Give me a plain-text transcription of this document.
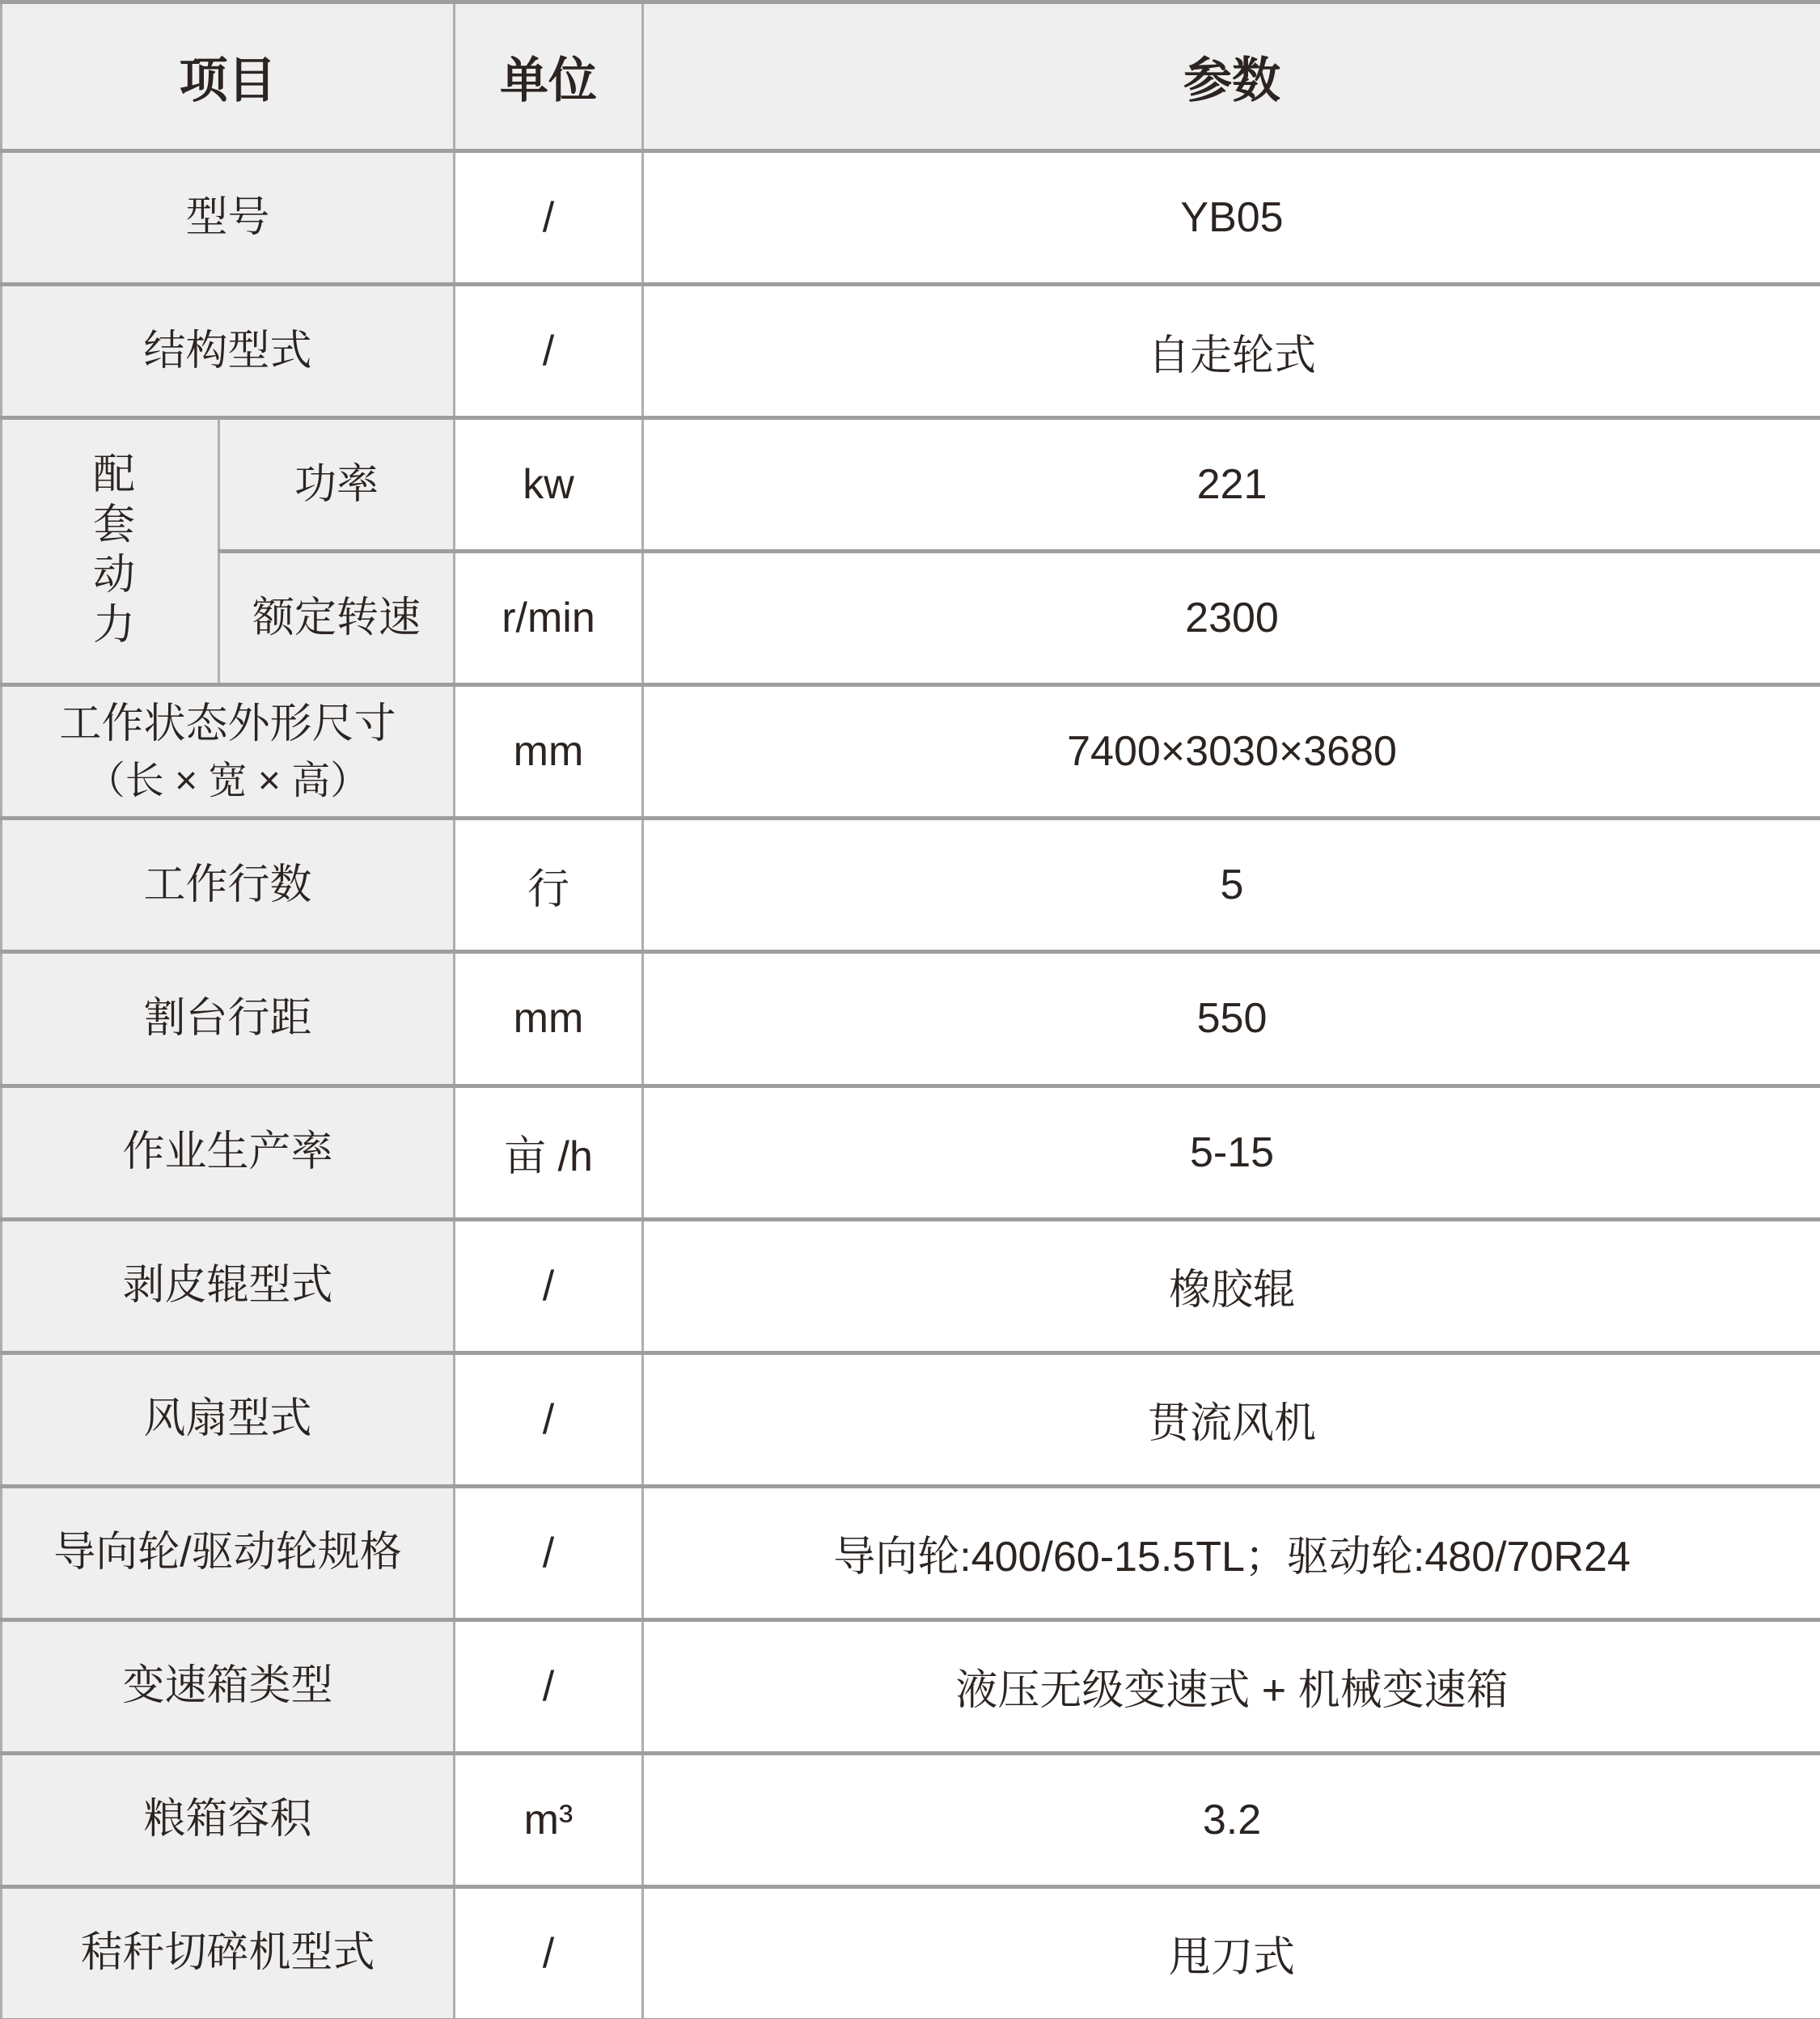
项目		单位	参数
型号		/	YB05
结构型式		/	自走轮式
配套动力	功率	kw	221
	额定转速	r/min	2300

工作状态外形尺寸
（长 × 宽 × 高）		mm	7400×3030×3680
工作行数		行	5
割台行距		mm	550
作业生产率		亩 /h	5-15
剥皮辊型式		/	橡胶辊
风扇型式		/	贯流风机
导向轮/驱动轮规格		/	导向轮:400/60-15.5TL；驱动轮:480/70R24
变速箱类型		/	液压无级变速式 + 机械变速箱
粮箱容积		m³	3.2
秸秆切碎机型式		/	甩刀式
